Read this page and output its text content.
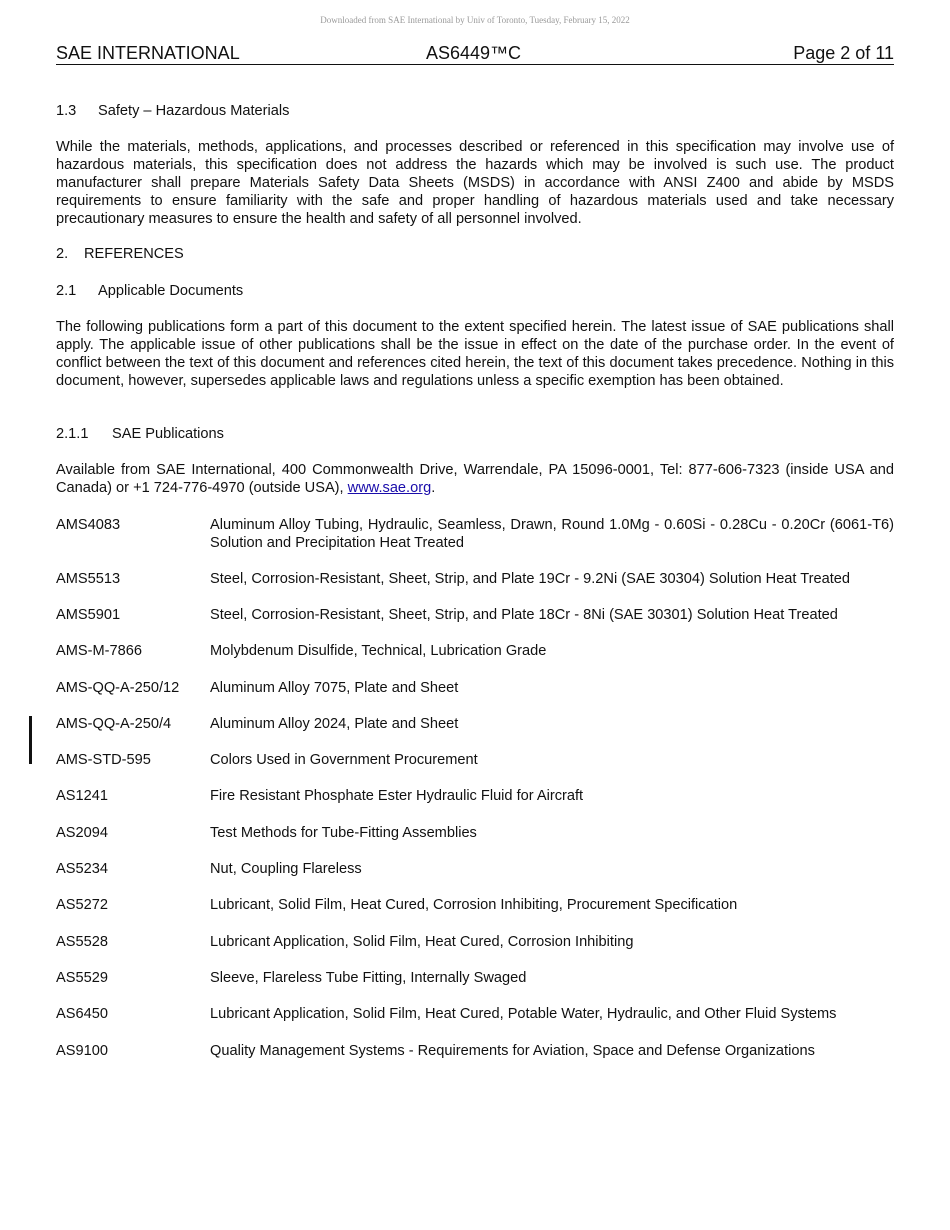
Downloaded from SAE International by Univ of Toronto, Tuesday, February 15, 2022
SAE INTERNATIONAL	AS6449™C	Page 2 of 11
1.3 Safety – Hazardous Materials
While the materials, methods, applications, and processes described or referenced in this specification may involve use of hazardous materials, this specification does not address the hazards which may be involved is such use. The product manufacturer shall prepare Materials Safety Data Sheets (MSDS) in accordance with ANSI Z400 and abide by MSDS requirements to ensure familiarity with the safe and proper handling of hazardous materials used and take necessary precautionary measures to ensure the health and safety of all personnel involved.
2. REFERENCES
2.1 Applicable Documents
The following publications form a part of this document to the extent specified herein. The latest issue of SAE publications shall apply. The applicable issue of other publications shall be the issue in effect on the date of the purchase order. In the event of conflict between the text of this document and references cited herein, the text of this document takes precedence. Nothing in this document, however, supersedes applicable laws and regulations unless a specific exemption has been obtained.
2.1.1 SAE Publications
Available from SAE International, 400 Commonwealth Drive, Warrendale, PA 15096-0001, Tel: 877-606-7323 (inside USA and Canada) or +1 724-776-4970 (outside USA), www.sae.org.
AMS4083	Aluminum Alloy Tubing, Hydraulic, Seamless, Drawn, Round 1.0Mg - 0.60Si - 0.28Cu - 0.20Cr (6061-T6) Solution and Precipitation Heat Treated
AMS5513	Steel, Corrosion-Resistant, Sheet, Strip, and Plate 19Cr - 9.2Ni (SAE 30304) Solution Heat Treated
AMS5901	Steel, Corrosion-Resistant, Sheet, Strip, and Plate 18Cr - 8Ni (SAE 30301) Solution Heat Treated
AMS-M-7866	Molybdenum Disulfide, Technical, Lubrication Grade
AMS-QQ-A-250/12 Aluminum Alloy 7075, Plate and Sheet
AMS-QQ-A-250/4	Aluminum Alloy 2024, Plate and Sheet
AMS-STD-595	Colors Used in Government Procurement
AS1241	Fire Resistant Phosphate Ester Hydraulic Fluid for Aircraft
AS2094	Test Methods for Tube-Fitting Assemblies
AS5234	Nut, Coupling Flareless
AS5272	Lubricant, Solid Film, Heat Cured, Corrosion Inhibiting, Procurement Specification
AS5528	Lubricant Application, Solid Film, Heat Cured, Corrosion Inhibiting
AS5529	Sleeve, Flareless Tube Fitting, Internally Swaged
AS6450	Lubricant Application, Solid Film, Heat Cured, Potable Water, Hydraulic, and Other Fluid Systems
AS9100	Quality Management Systems - Requirements for Aviation, Space and Defense Organizations
